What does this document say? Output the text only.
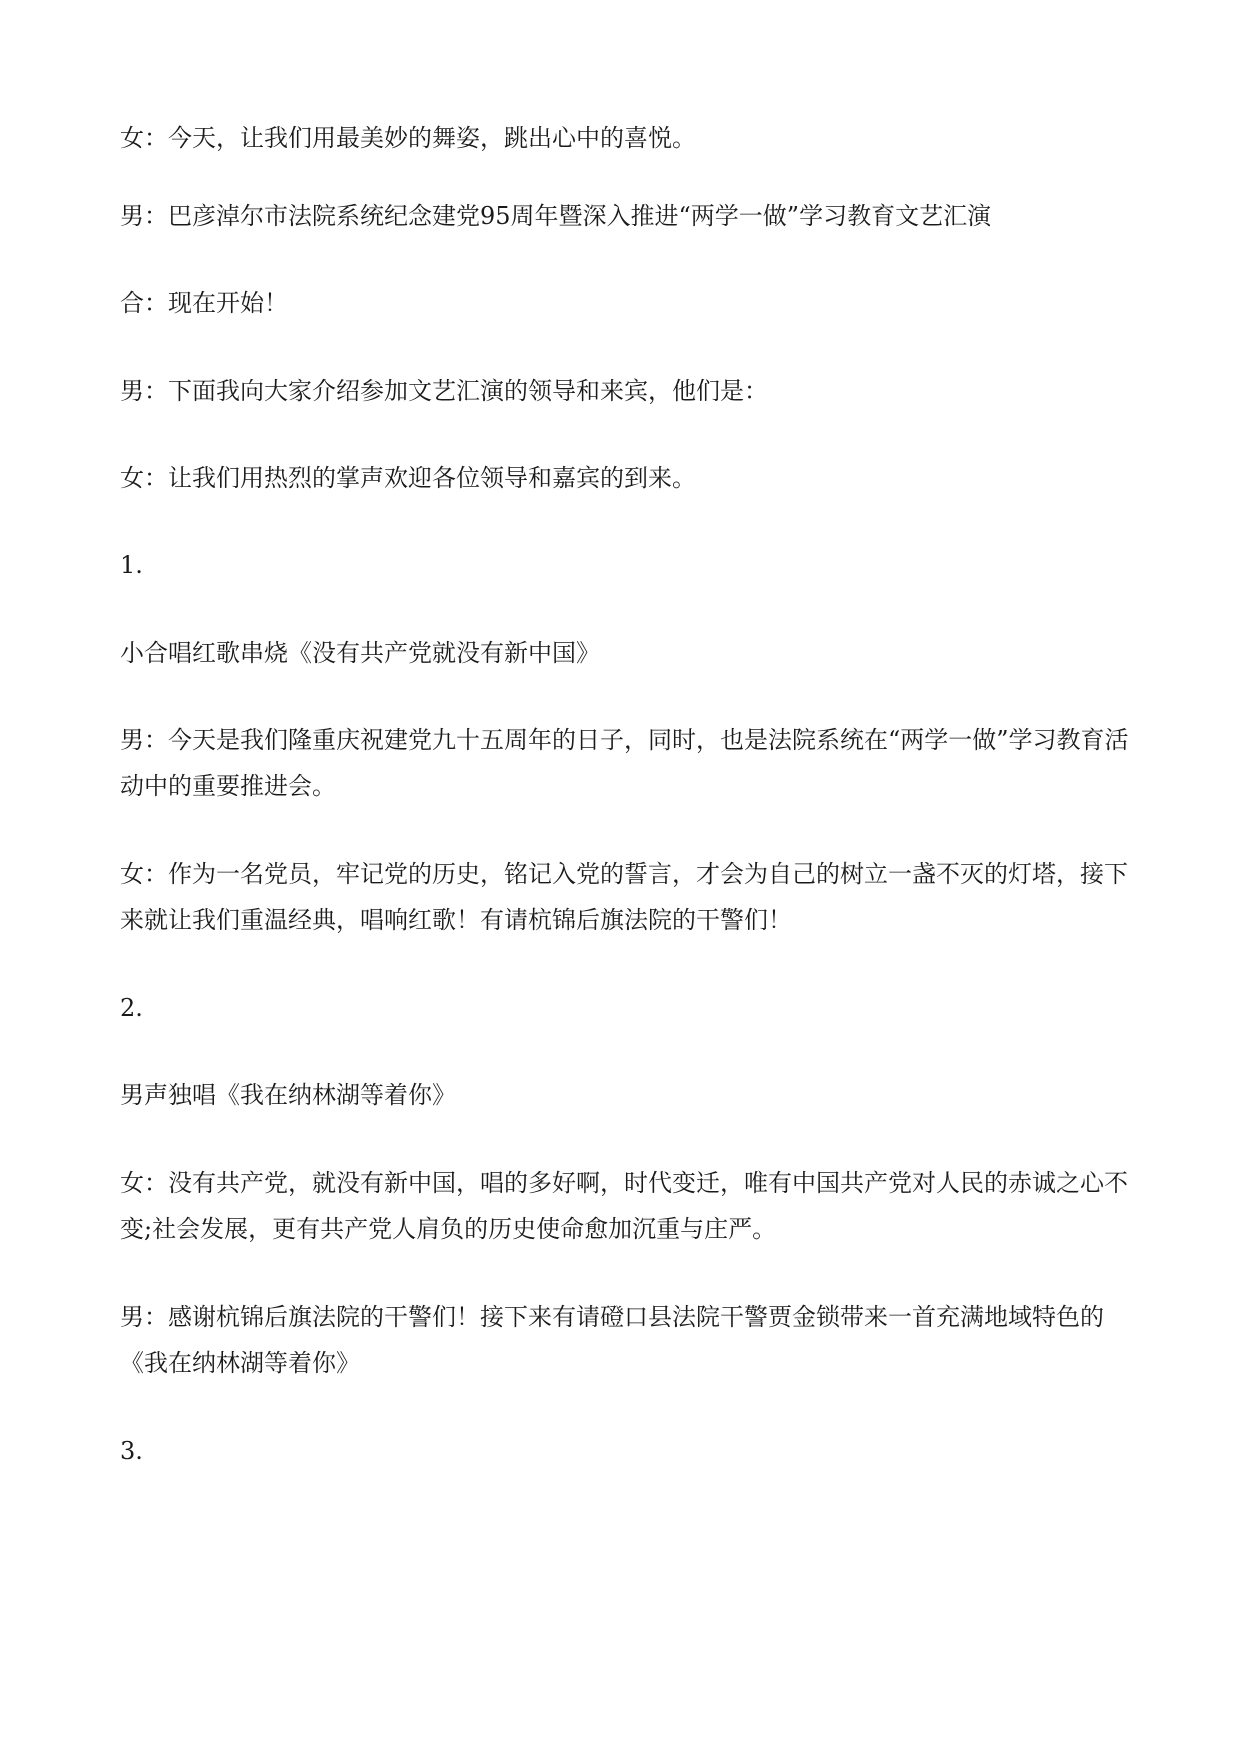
女：今天，让我们用最美妙的舞姿，跳出心中的喜悦。

男：巴彦淖尔市法院系统纪念建党95周年暨深入推进“两学一做”学习教育文艺汇演

合：现在开始！

男：下面我向大家介绍参加文艺汇演的领导和来宾，他们是：

女：让我们用热烈的掌声欢迎各位领导和嘉宾的到来。

1.

小合唱红歌串烧《没有共产党就没有新中国》

男：今天是我们隆重庆祝建党九十五周年的日子，同时，也是法院系统在“两学一做”学习教育活动中的重要推进会。

女：作为一名党员，牢记党的历史，铭记入党的誓言，才会为自己的树立一盏不灭的灯塔，接下来就让我们重温经典，唱响红歌！有请杭锦后旗法院的干警们！

2.

男声独唱《我在纳林湖等着你》

女：没有共产党，就没有新中国，唱的多好啊，时代变迁，唯有中国共产党对人民的赤诚之心不变;社会发展，更有共产党人肩负的历史使命愈加沉重与庄严。

男：感谢杭锦后旗法院的干警们！接下来有请磴口县法院干警贾金锁带来一首充满地域特色的《我在纳林湖等着你》

3.
